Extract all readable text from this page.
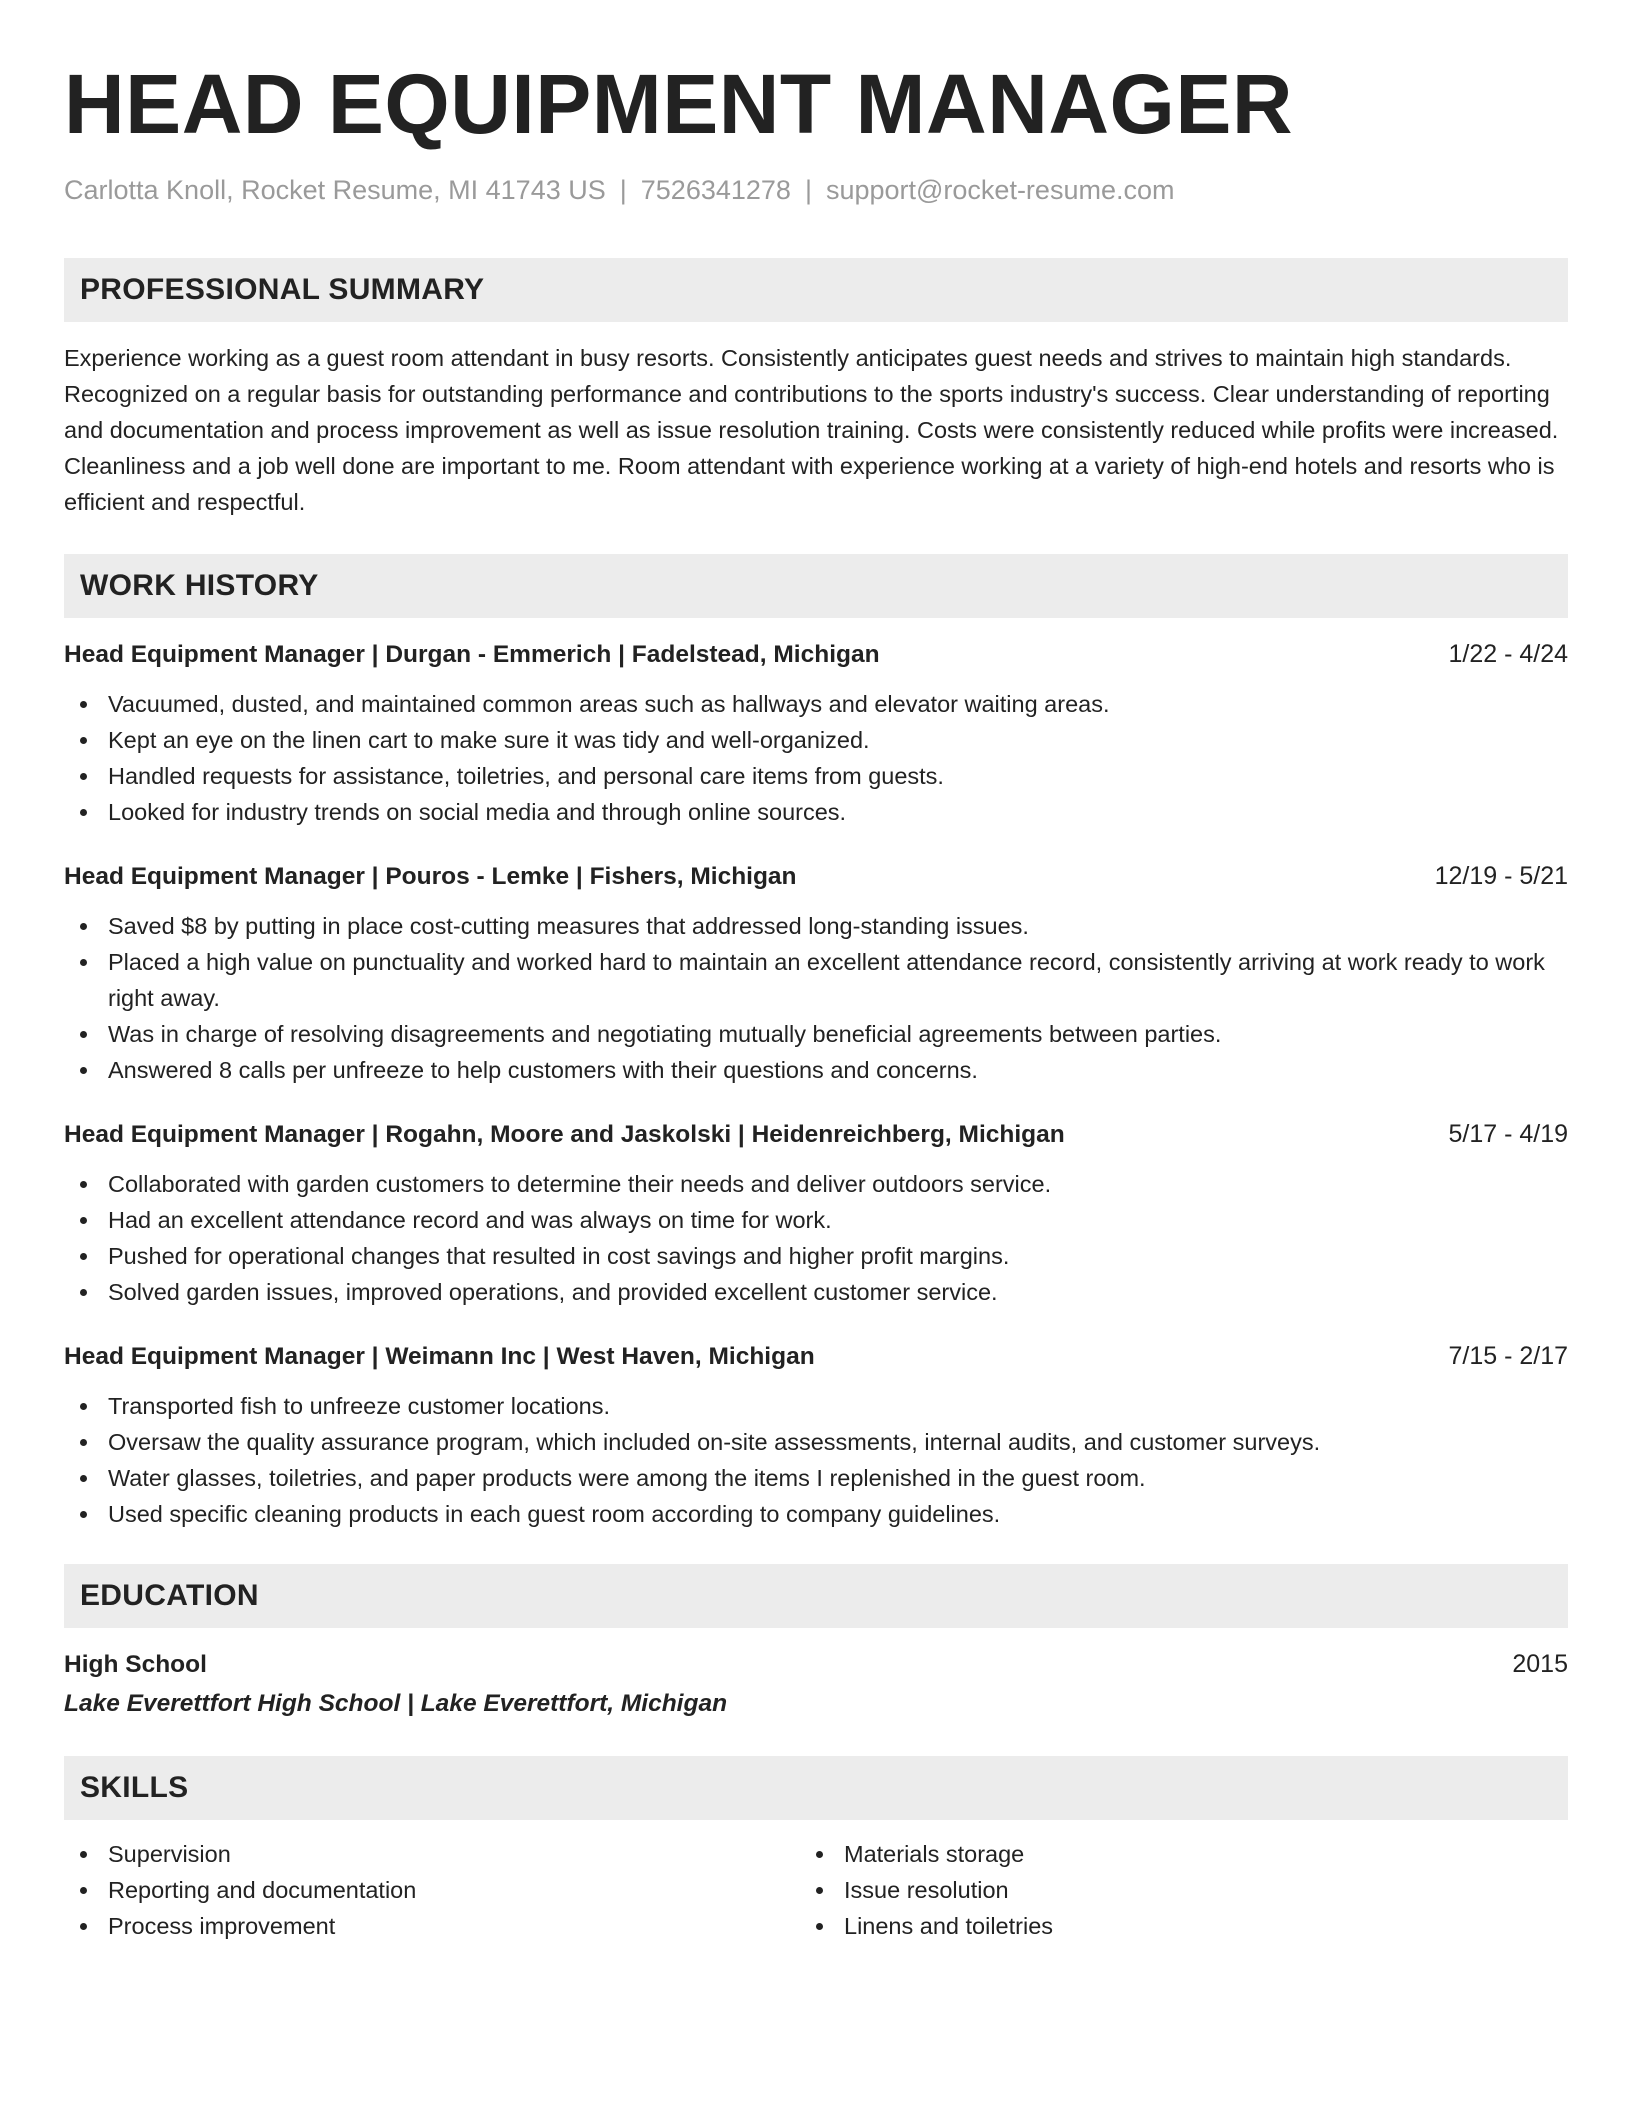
HEAD EQUIPMENT MANAGER
Carlotta Knoll, Rocket Resume, MI 41743 US | 7526341278 | support@rocket-resume.com
PROFESSIONAL SUMMARY

Experience working as a guest room attendant in busy resorts. Consistently anticipates guest needs and strives to maintain high standards. Recognized on a regular basis for outstanding performance and contributions to the sports industry's success. Clear understanding of reporting and documentation and process improvement as well as issue resolution training. Costs were consistently reduced while profits were increased. Cleanliness and a job well done are important to me. Room attendant with experience working at a variety of high-end hotels and resorts who is efficient and respectful.

WORK HISTORY
Head Equipment Manager | Durgan - Emmerich | Fadelstead, Michigan	1/22 - 4/24
Vacuumed, dusted, and maintained common areas such as hallways and elevator waiting areas.
Kept an eye on the linen cart to make sure it was tidy and well-organized.
Handled requests for assistance, toiletries, and personal care items from guests.
Looked for industry trends on social media and through online sources.
Head Equipment Manager | Pouros - Lemke | Fishers, Michigan	12/19 - 5/21
Saved $8 by putting in place cost-cutting measures that addressed long-standing issues.
Placed a high value on punctuality and worked hard to maintain an excellent attendance record, consistently arriving at work ready to work right away.
Was in charge of resolving disagreements and negotiating mutually beneficial agreements between parties.
Answered 8 calls per unfreeze to help customers with their questions and concerns.
Head Equipment Manager | Rogahn, Moore and Jaskolski | Heidenreichberg, Michigan	5/17 - 4/19
Collaborated with garden customers to determine their needs and deliver outdoors service.
Had an excellent attendance record and was always on time for work.
Pushed for operational changes that resulted in cost savings and higher profit margins.
Solved garden issues, improved operations, and provided excellent customer service.
Head Equipment Manager | Weimann Inc | West Haven, Michigan	7/15 - 2/17
Transported fish to unfreeze customer locations.
Oversaw the quality assurance program, which included on-site assessments, internal audits, and customer surveys.
Water glasses, toiletries, and paper products were among the items I replenished in the guest room.
Used specific cleaning products in each guest room according to company guidelines.
EDUCATION
High School	2015
Lake Everettfort High School | Lake Everettfort, Michigan
SKILLS
Supervision
Reporting and documentation
Process improvement
Materials storage
Issue resolution
Linens and toiletries
